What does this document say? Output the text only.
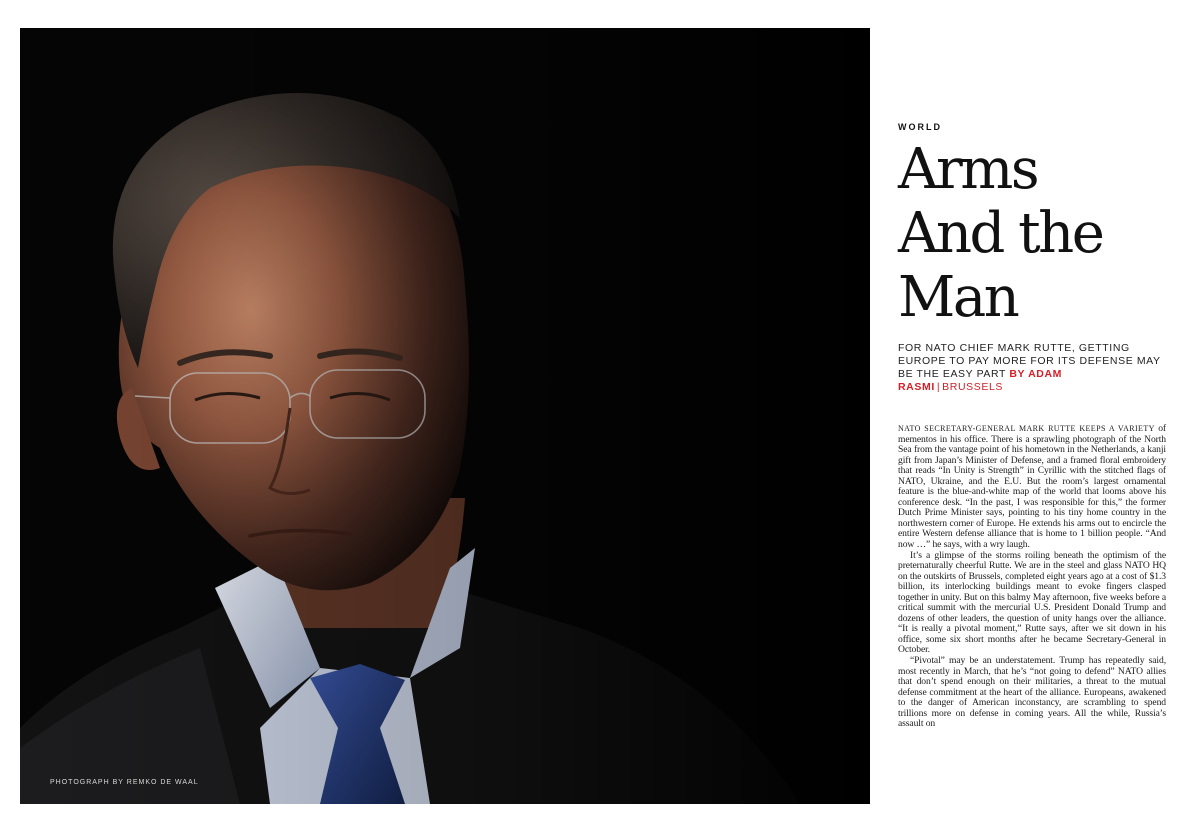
PHOTOGRAPH BY REMKO DE WAAL
WORLD
Arms
And the
Man
FOR NATO CHIEF MARK RUTTE, GETTING EUROPE TO PAY MORE FOR ITS DEFENSE MAY BE THE EASY PART BY ADAM RASMI | BRUSSELS

NATO SECRETARY-GENERAL MARK RUTTE KEEPS A VARIETY of mementos in his office. There is a sprawling photograph of the North Sea from the vantage point of his hometown in the Netherlands, a kanji gift from Japan’s Minister of Defense, and a framed floral embroidery that reads “In Unity is Strength” in Cyrillic with the stitched flags of NATO, Ukraine, and the E.U. But the room’s largest ornamental feature is the blue-and-white map of the world that looms above his conference desk. “In the past, I was responsible for this,” the former Dutch Prime Minister says, pointing to his tiny home country in the northwestern corner of Europe. He extends his arms out to encircle the entire Western defense alliance that is home to 1 billion people. “And now …” he says, with a wry laugh.

It’s a glimpse of the storms roiling beneath the optimism of the preternaturally cheerful Rutte. We are in the steel and glass NATO HQ on the outskirts of Brussels, completed eight years ago at a cost of $1.3 billion, its interlocking buildings meant to evoke fingers clasped together in unity. But on this balmy May afternoon, five weeks before a critical summit with the mercurial U.S. President Donald Trump and dozens of other leaders, the question of unity hangs over the alliance. “It is really a pivotal moment,” Rutte says, after we sit down in his office, some six short months after he became Secretary-General in October.

“Pivotal” may be an understatement. Trump has repeatedly said, most recently in March, that he’s “not going to defend” NATO allies that don’t spend enough on their militaries, a threat to the mutual defense commitment at the heart of the alliance. Europeans, awakened to the danger of American inconstancy, are scrambling to spend trillions more on defense in coming years. All the while, Russia’s assault on
